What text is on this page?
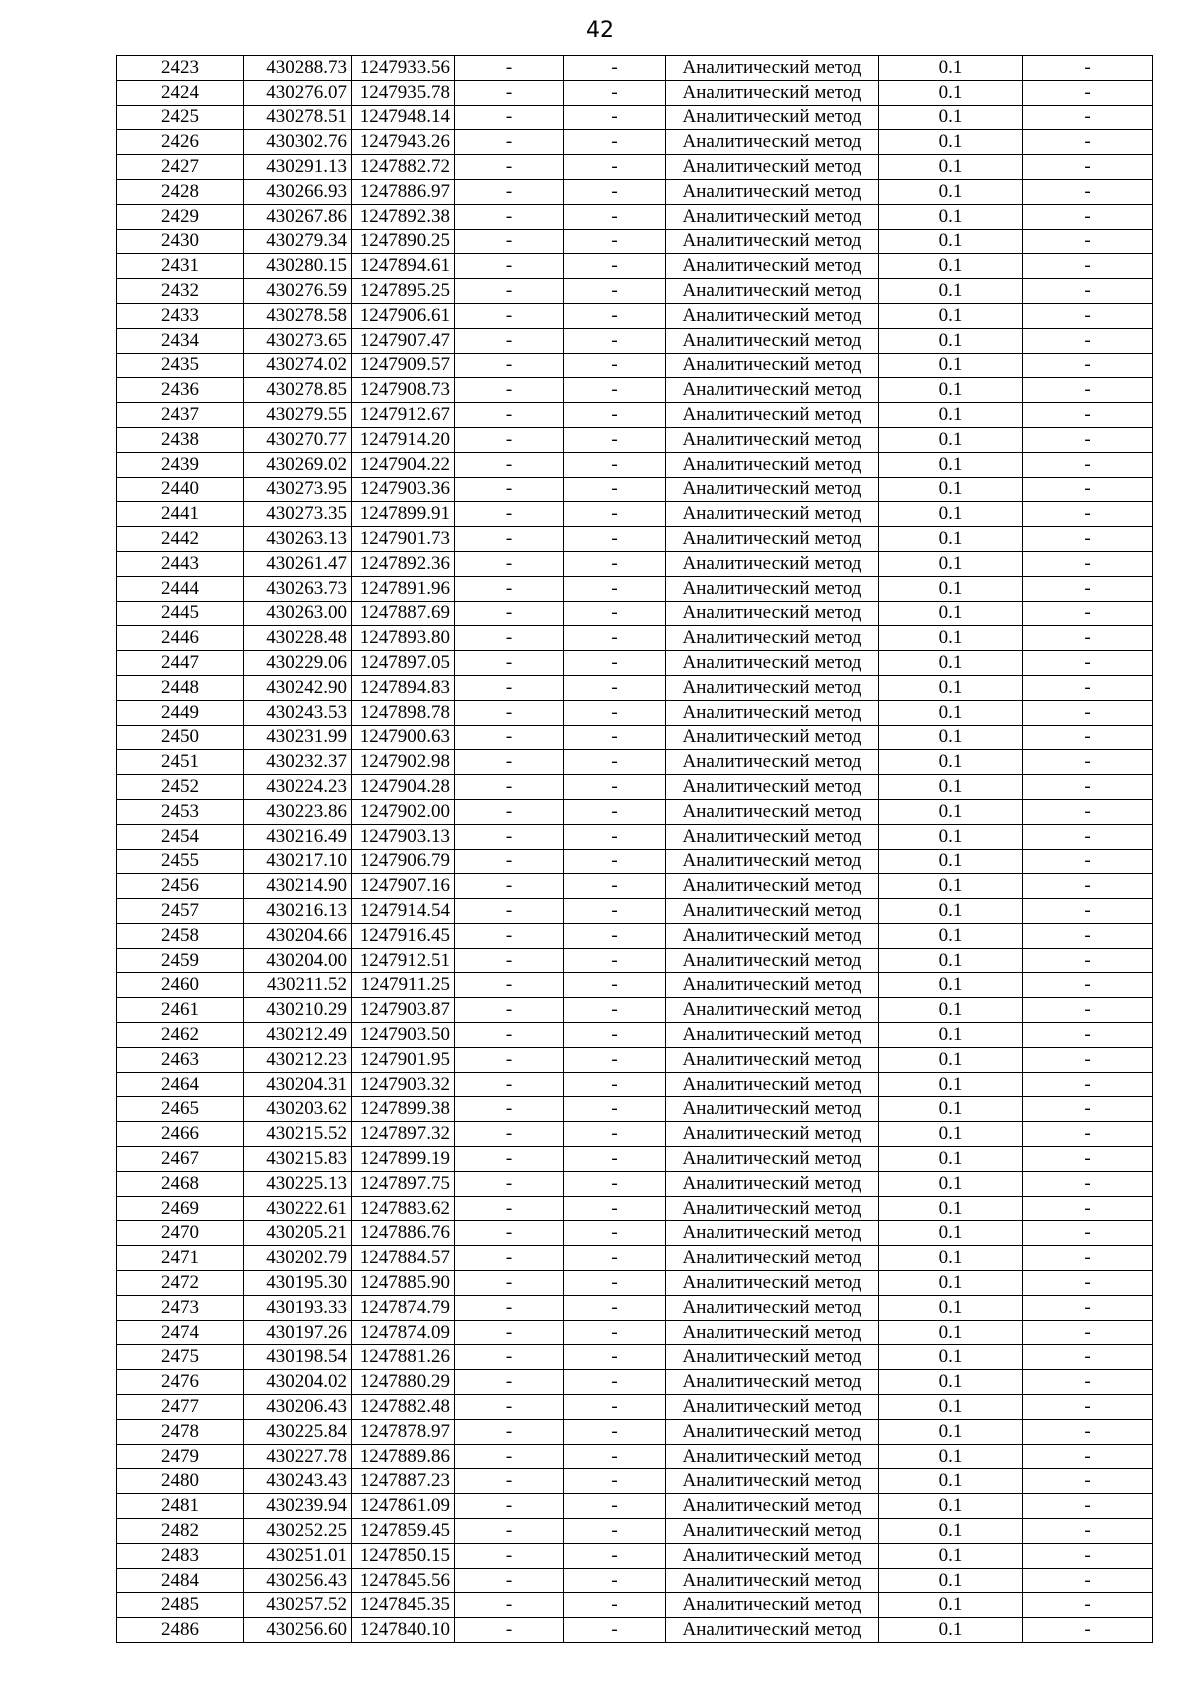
42
2423	430288.73	1247933.56	-	-	Аналитический метод	0.1	-
2424	430276.07	1247935.78	-	-	Аналитический метод	0.1	-
2425	430278.51	1247948.14	-	-	Аналитический метод	0.1	-
2426	430302.76	1247943.26	-	-	Аналитический метод	0.1	-
2427	430291.13	1247882.72	-	-	Аналитический метод	0.1	-
2428	430266.93	1247886.97	-	-	Аналитический метод	0.1	-
2429	430267.86	1247892.38	-	-	Аналитический метод	0.1	-
2430	430279.34	1247890.25	-	-	Аналитический метод	0.1	-
2431	430280.15	1247894.61	-	-	Аналитический метод	0.1	-
2432	430276.59	1247895.25	-	-	Аналитический метод	0.1	-
2433	430278.58	1247906.61	-	-	Аналитический метод	0.1	-
2434	430273.65	1247907.47	-	-	Аналитический метод	0.1	-
2435	430274.02	1247909.57	-	-	Аналитический метод	0.1	-
2436	430278.85	1247908.73	-	-	Аналитический метод	0.1	-
2437	430279.55	1247912.67	-	-	Аналитический метод	0.1	-
2438	430270.77	1247914.20	-	-	Аналитический метод	0.1	-
2439	430269.02	1247904.22	-	-	Аналитический метод	0.1	-
2440	430273.95	1247903.36	-	-	Аналитический метод	0.1	-
2441	430273.35	1247899.91	-	-	Аналитический метод	0.1	-
2442	430263.13	1247901.73	-	-	Аналитический метод	0.1	-
2443	430261.47	1247892.36	-	-	Аналитический метод	0.1	-
2444	430263.73	1247891.96	-	-	Аналитический метод	0.1	-
2445	430263.00	1247887.69	-	-	Аналитический метод	0.1	-
2446	430228.48	1247893.80	-	-	Аналитический метод	0.1	-
2447	430229.06	1247897.05	-	-	Аналитический метод	0.1	-
2448	430242.90	1247894.83	-	-	Аналитический метод	0.1	-
2449	430243.53	1247898.78	-	-	Аналитический метод	0.1	-
2450	430231.99	1247900.63	-	-	Аналитический метод	0.1	-
2451	430232.37	1247902.98	-	-	Аналитический метод	0.1	-
2452	430224.23	1247904.28	-	-	Аналитический метод	0.1	-
2453	430223.86	1247902.00	-	-	Аналитический метод	0.1	-
2454	430216.49	1247903.13	-	-	Аналитический метод	0.1	-
2455	430217.10	1247906.79	-	-	Аналитический метод	0.1	-
2456	430214.90	1247907.16	-	-	Аналитический метод	0.1	-
2457	430216.13	1247914.54	-	-	Аналитический метод	0.1	-
2458	430204.66	1247916.45	-	-	Аналитический метод	0.1	-
2459	430204.00	1247912.51	-	-	Аналитический метод	0.1	-
2460	430211.52	1247911.25	-	-	Аналитический метод	0.1	-
2461	430210.29	1247903.87	-	-	Аналитический метод	0.1	-
2462	430212.49	1247903.50	-	-	Аналитический метод	0.1	-
2463	430212.23	1247901.95	-	-	Аналитический метод	0.1	-
2464	430204.31	1247903.32	-	-	Аналитический метод	0.1	-
2465	430203.62	1247899.38	-	-	Аналитический метод	0.1	-
2466	430215.52	1247897.32	-	-	Аналитический метод	0.1	-
2467	430215.83	1247899.19	-	-	Аналитический метод	0.1	-
2468	430225.13	1247897.75	-	-	Аналитический метод	0.1	-
2469	430222.61	1247883.62	-	-	Аналитический метод	0.1	-
2470	430205.21	1247886.76	-	-	Аналитический метод	0.1	-
2471	430202.79	1247884.57	-	-	Аналитический метод	0.1	-
2472	430195.30	1247885.90	-	-	Аналитический метод	0.1	-
2473	430193.33	1247874.79	-	-	Аналитический метод	0.1	-
2474	430197.26	1247874.09	-	-	Аналитический метод	0.1	-
2475	430198.54	1247881.26	-	-	Аналитический метод	0.1	-
2476	430204.02	1247880.29	-	-	Аналитический метод	0.1	-
2477	430206.43	1247882.48	-	-	Аналитический метод	0.1	-
2478	430225.84	1247878.97	-	-	Аналитический метод	0.1	-
2479	430227.78	1247889.86	-	-	Аналитический метод	0.1	-
2480	430243.43	1247887.23	-	-	Аналитический метод	0.1	-
2481	430239.94	1247861.09	-	-	Аналитический метод	0.1	-
2482	430252.25	1247859.45	-	-	Аналитический метод	0.1	-
2483	430251.01	1247850.15	-	-	Аналитический метод	0.1	-
2484	430256.43	1247845.56	-	-	Аналитический метод	0.1	-
2485	430257.52	1247845.35	-	-	Аналитический метод	0.1	-
2486	430256.60	1247840.10	-	-	Аналитический метод	0.1	-
